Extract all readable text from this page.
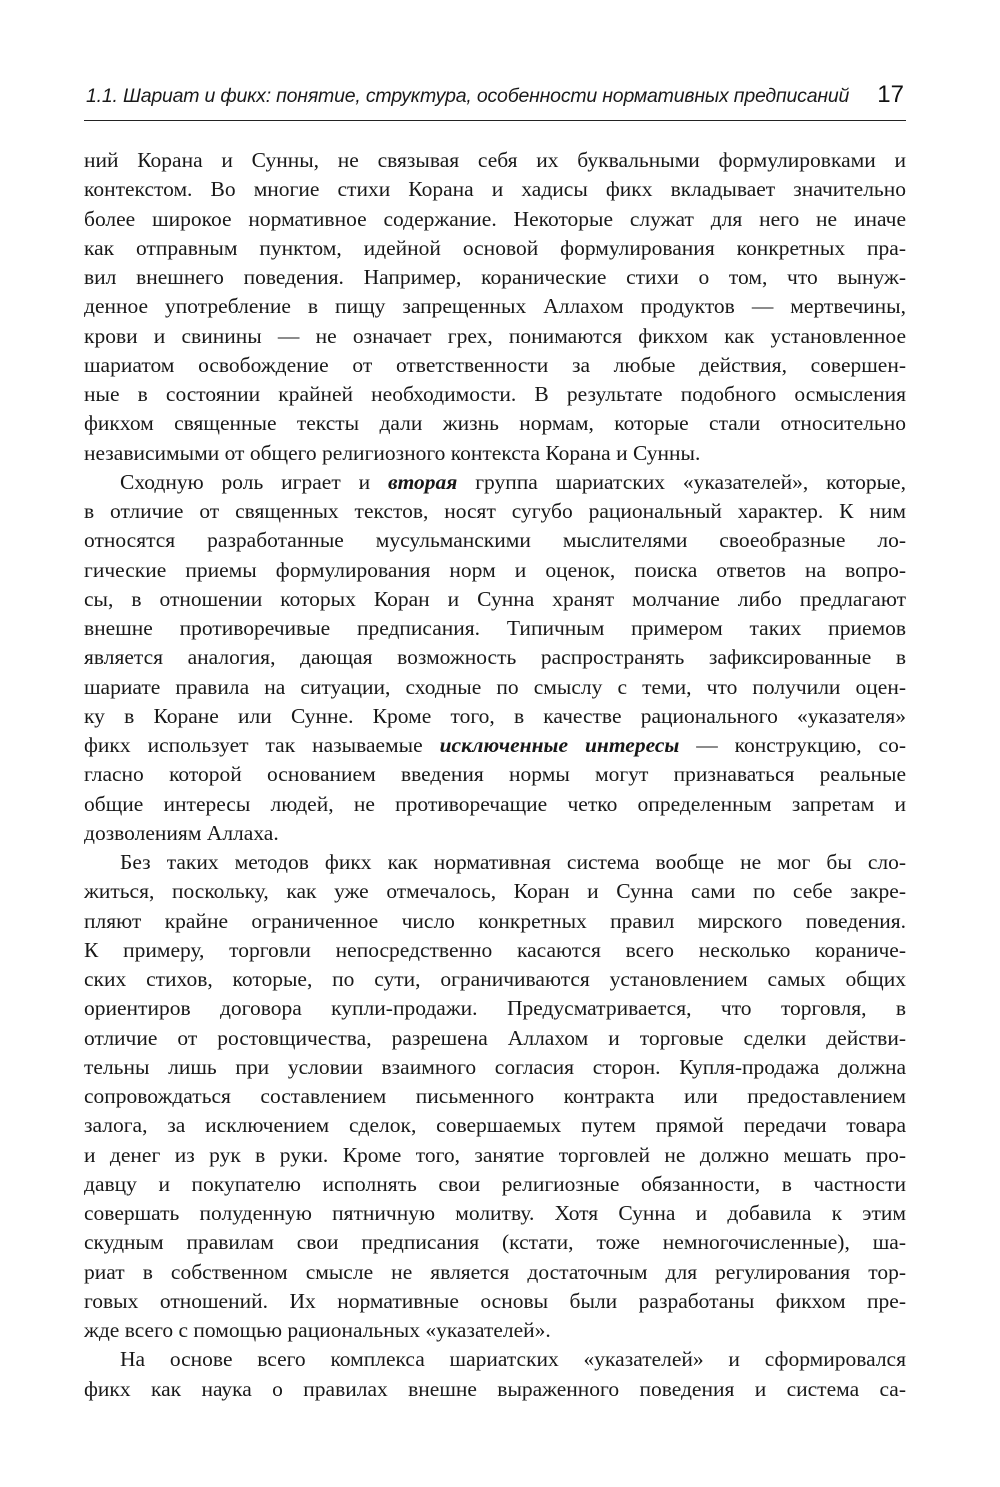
1.1. Шариат и фикх: понятие, структура, особенности нормативных предписаний 17
ний Корана и Сунны, не связывая себя их буквальными формулировками и
контекстом. Во многие стихи Корана и хадисы фикх вкладывает значительно
более широкое нормативное содержание. Некоторые служат для него не иначе
как отправным пунктом, идейной основой формулирования конкретных пра-
вил внешнего поведения. Например, коранические стихи о том, что вынуж-
денное употребление в пищу запрещенных Аллахом продуктов — мертвечины,
крови и свинины — не означает грех, понимаются фикхом как установленное
шариатом освобождение от ответственности за любые действия, совершен-
ные в состоянии крайней необходимости. В результате подобного осмысления
фикхом священные тексты дали жизнь нормам, которые стали относительно
независимыми от общего религиозного контекста Корана и Сунны.
Сходную роль играет и вторая группа шариатских «указателей», которые,
в отличие от священных текстов, носят сугубо рациональный характер. К ним
относятся разработанные мусульманскими мыслителями своеобразные ло-
гические приемы формулирования норм и оценок, поиска ответов на вопро-
сы, в отношении которых Коран и Сунна хранят молчание либо предлагают
внешне противоречивые предписания. Типичным примером таких приемов
является аналогия, дающая возможность распространять зафиксированные в
шариате правила на ситуации, сходные по смыслу с теми, что получили оцен-
ку в Коране или Сунне. Кроме того, в качестве рационального «указателя»
фикх использует так называемые исключенные интересы — конструкцию, со-
гласно которой основанием введения нормы могут признаваться реальные
общие интересы людей, не противоречащие четко определенным запретам и
дозволениям Аллаха.
Без таких методов фикх как нормативная система вообще не мог бы сло-
житься, поскольку, как уже отмечалось, Коран и Сунна сами по себе закре-
пляют крайне ограниченное число конкретных правил мирского поведения.
К примеру, торговли непосредственно касаются всего несколько кораниче-
ских стихов, которые, по сути, ограничиваются установлением самых общих
ориентиров договора купли-продажи. Предусматривается, что торговля, в
отличие от ростовщичества, разрешена Аллахом и торговые сделки действи-
тельны лишь при условии взаимного согласия сторон. Купля-продажа должна
сопровождаться составлением письменного контракта или предоставлением
залога, за исключением сделок, совершаемых путем прямой передачи товара
и денег из рук в руки. Кроме того, занятие торговлей не должно мешать про-
давцу и покупателю исполнять свои религиозные обязанности, в частности
совершать полуденную пятничную молитву. Хотя Сунна и добавила к этим
скудным правилам свои предписания (кстати, тоже немногочисленные), ша-
риат в собственном смысле не является достаточным для регулирования тор-
говых отношений. Их нормативные основы были разработаны фикхом пре-
жде всего с помощью рациональных «указателей».
На основе всего комплекса шариатских «указателей» и сформировался
фикх как наука о правилах внешне выраженного поведения и система са-
